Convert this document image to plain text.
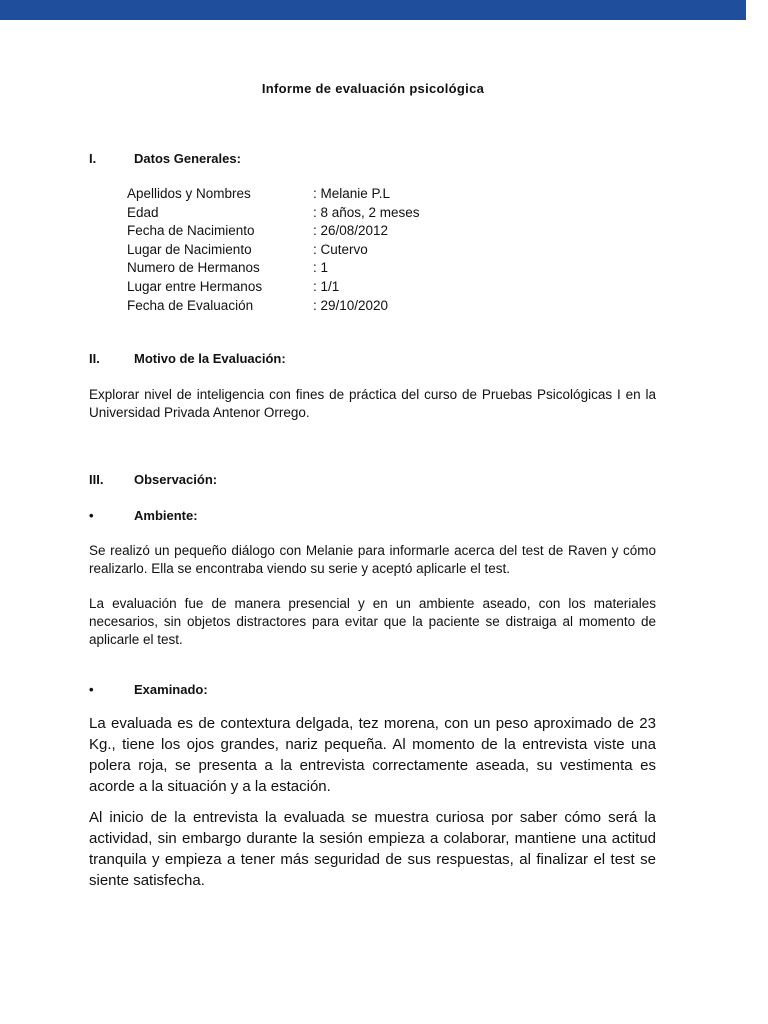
Informe de evaluación psicológica
I.	Datos Generales:
Apellidos y Nombres	: Melanie P.L
Edad	: 8 años, 2 meses
Fecha de Nacimiento	: 26/08/2012
Lugar de Nacimiento	: Cutervo
Numero de Hermanos	: 1
Lugar entre Hermanos	: 1/1
Fecha de Evaluación	: 29/10/2020
II.	Motivo de la Evaluación:
Explorar nivel de inteligencia con fines de práctica del curso de Pruebas Psicológicas I en la Universidad Privada Antenor Orrego.
III. Observación:
•	Ambiente:
Se realizó un pequeño diálogo con Melanie para informarle acerca del test de Raven y cómo realizarlo. Ella se encontraba viendo su serie y aceptó aplicarle el test.
La evaluación fue de manera presencial y en un ambiente aseado, con los materiales necesarios, sin objetos distractores para evitar que la paciente se distraiga al momento de aplicarle el test.
•	Examinado:
La evaluada es de contextura delgada, tez morena, con un peso aproximado de 23 Kg., tiene los ojos grandes, nariz pequeña. Al momento de la entrevista viste una polera roja, se presenta a la entrevista correctamente aseada, su vestimenta es acorde a la situación y a la estación.
Al inicio de la entrevista la evaluada se muestra curiosa por saber cómo será la actividad, sin embargo durante la sesión empieza a colaborar, mantiene una actitud tranquila y empieza a tener más seguridad de sus respuestas, al finalizar el test se siente satisfecha.
